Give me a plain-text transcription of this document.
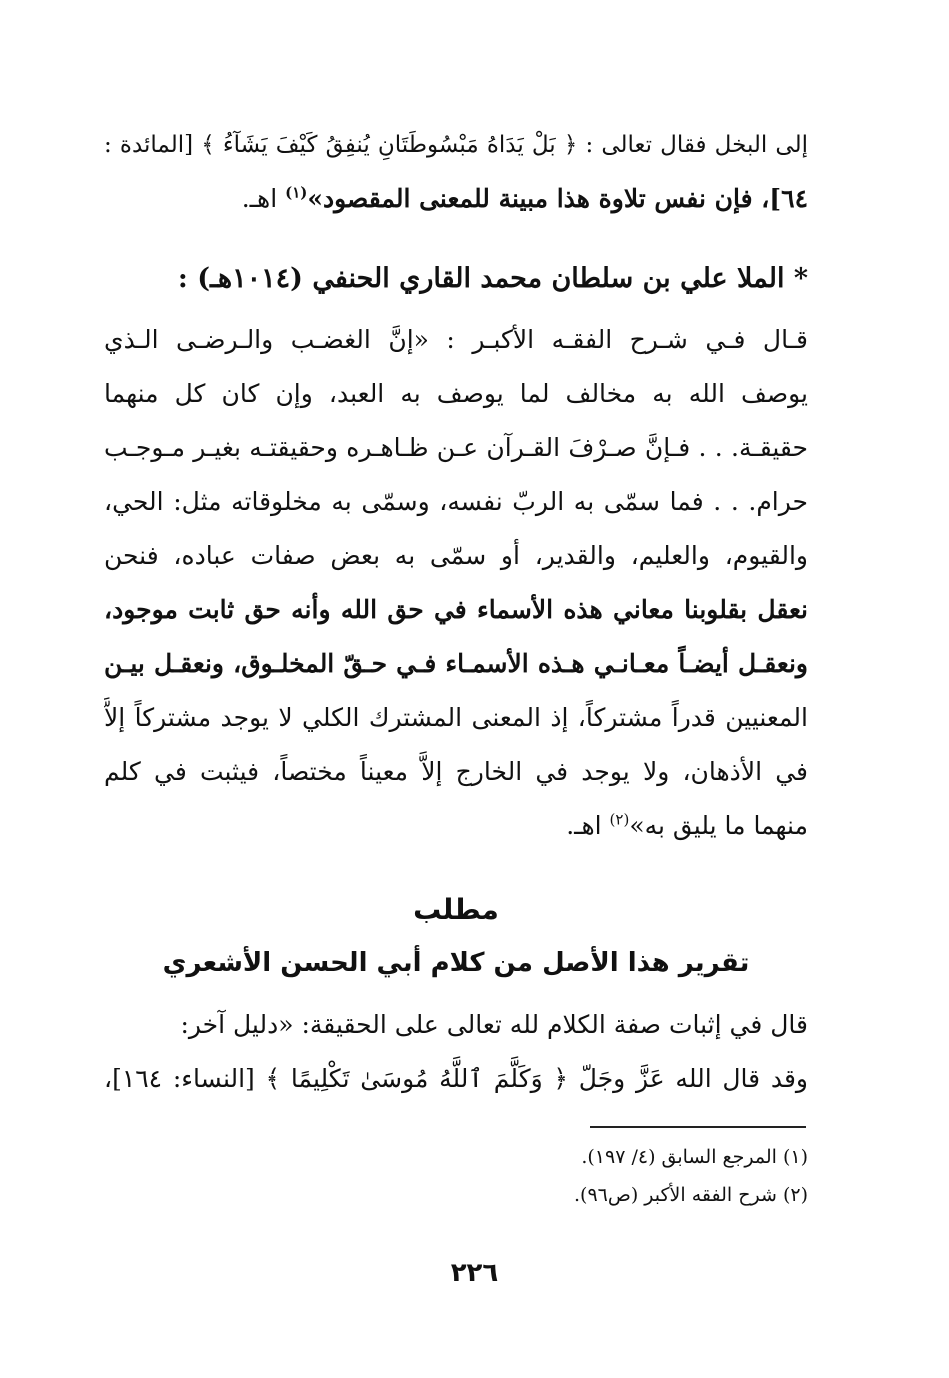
إلى البخل فقال تعالى : ﴿ بَلْ يَدَاهُ مَبْسُوطَتَانِ يُنفِقُ كَيْفَ يَشَآءُ ﴾ [المائدة :
٦٤]، فإن نفس تلاوة هذا مبينة للمعنى المقصود»$^{(١)}$ اهـ.
* الملا علي بن سلطان محمد القاري الحنفي (١٠١٤هـ) :
قـال فـي شـرح الفقـه الأكبـر : «إنَّ الغضـب والـرضـى الـذي
يوصف الله به مخالف لما يوصف به العبد، وإن كان كل منهما
حقيقـة. . . فـإنَّ صـرْفَ القـرآن عـن ظـاهـره وحقيقتـه بغيـر مـوجـب
حرام. . . فما سمّى به الربّ نفسه، وسمّى به مخلوقاته مثل: الحي،
والقيوم، والعليم، والقدير، أو سمّى به بعض صفات عباده، فنحن
نعقل بقلوبنا معاني هذه الأسماء في حق الله وأنه حق ثابت موجود،
ونعقـل أيضـاً معـانـي هـذه الأسمـاء فـي حـقّ المخلـوق، ونعقـل بيـن
المعنيين قدراً مشتركاً، إذ المعنى المشترك الكلي لا يوجد مشتركاً إلاَّ
في الأذهان، ولا يوجد في الخارج إلاَّ معيناً مختصاً، فيثبت في كلم
منهما ما يليق به»$^{(٢)}$ اهـ.
مطلب
تقرير هذا الأصل من كلام أبي الحسن الأشعري
قال في إثبات صفة الكلام لله تعالى على الحقيقة: «دليل آخر:
وقد قال الله عَزَّ وجَلّ ﴿ وَكَلَّمَ ٱللَّهُ مُوسَىٰ تَكْلِيمًا ﴾ [النساء: ١٦٤]،
(١) المرجع السابق (٤/ ١٩٧).
(٢) شرح الفقه الأكبر (ص٩٦).
٢٢٦
